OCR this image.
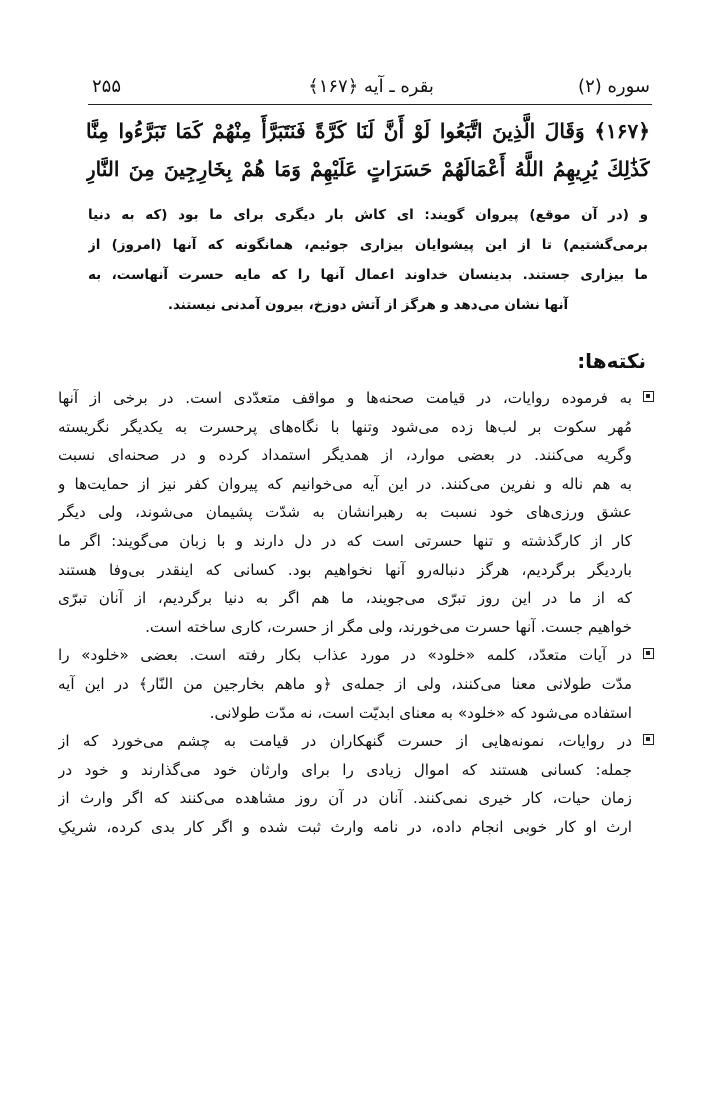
سوره (۲)
بقره ـ آیه ﴿۱۶۷﴾
۲۵۵
﴿۱۶۷﴾ وَقَالَ الَّذِينَ اتَّبَعُوا لَوْ أَنَّ لَنَا كَرَّةً فَنَتَبَرَّأَ مِنْهُمْ كَمَا تَبَرَّءُوا مِنَّا
كَذَٰلِكَ يُرِيهِمُ اللَّهُ أَعْمَالَهُمْ حَسَرَاتٍ عَلَيْهِمْ وَمَا هُمْ بِخَارِجِينَ مِنَ النَّارِ
و (در آن موقع) پیروان گویند: ای کاش بار دیگری برای ما بود (که به دنیا
برمی‌گشتیم) تا از این پیشوایان بیزاری جوئیم، همانگونه که آنها (امروز) از
ما بیزاری جستند. بدینسان خداوند اعمال آنها را که مایه حسرت آنهاست، به
آنها نشان می‌دهد و هرگز از آتش دوزخ، بیرون آمدنی نیستند.
نکته‌ها:
به فرموده روایات، در قیامت صحنه‌ها و مواقف متعدّدی است. در برخی از آنها
مُهر سکوت بر لب‌ها زده می‌شود وتنها با نگاه‌های پرحسرت به یکدیگر نگریسته
وگریه می‌کنند. در بعضی موارد، از همدیگر استمداد کرده و در صحنه‌ای نسبت
به هم ناله و نفرین می‌کنند. در این آیه می‌خوانیم که پیروان کفر نیز از حمایت‌ها و
عشق ورزی‌های خود نسبت به رهبرانشان به شدّت پشیمان می‌شوند، ولی دیگر
کار از کارگذشته و تنها حسرتی است که در دل دارند و با زبان می‌گویند: اگر ما
باردیگر برگردیم، هرگز دنباله‌رو آنها نخواهیم بود. کسانی که اینقدر بی‌وفا هستند
که از ما در این روز تبرّی می‌جویند، ما هم اگر به دنیا برگردیم، از آنان تبرّی
خواهیم جست. آنها حسرت می‌خورند، ولی مگر از حسرت، کاری ساخته است.
در آیات متعدّد، کلمه «خلود» در مورد عذاب بکار رفته است. بعضی «خلود» را
مدّت طولانی معنا می‌کنند، ولی از جمله‌ی ﴿و ماهم بخارجین من النّار﴾ در این آیه
استفاده می‌شود که «خلود» به معنای ابدیّت است، نه مدّت طولانی.
در روایات، نمونه‌هایی از حسرت گنهکاران در قیامت به چشم می‌خورد که از
جمله: کسانی هستند که اموال زیادی را برای وارثان خود می‌گذارند و خود در
زمان حیات، کار خیری نمی‌کنند. آنان در آن روز مشاهده می‌کنند که اگر وارث از
ارث او کار خوبی انجام داده، در نامه وارث ثبت شده و اگر کار بدی کرده، شریکِ
